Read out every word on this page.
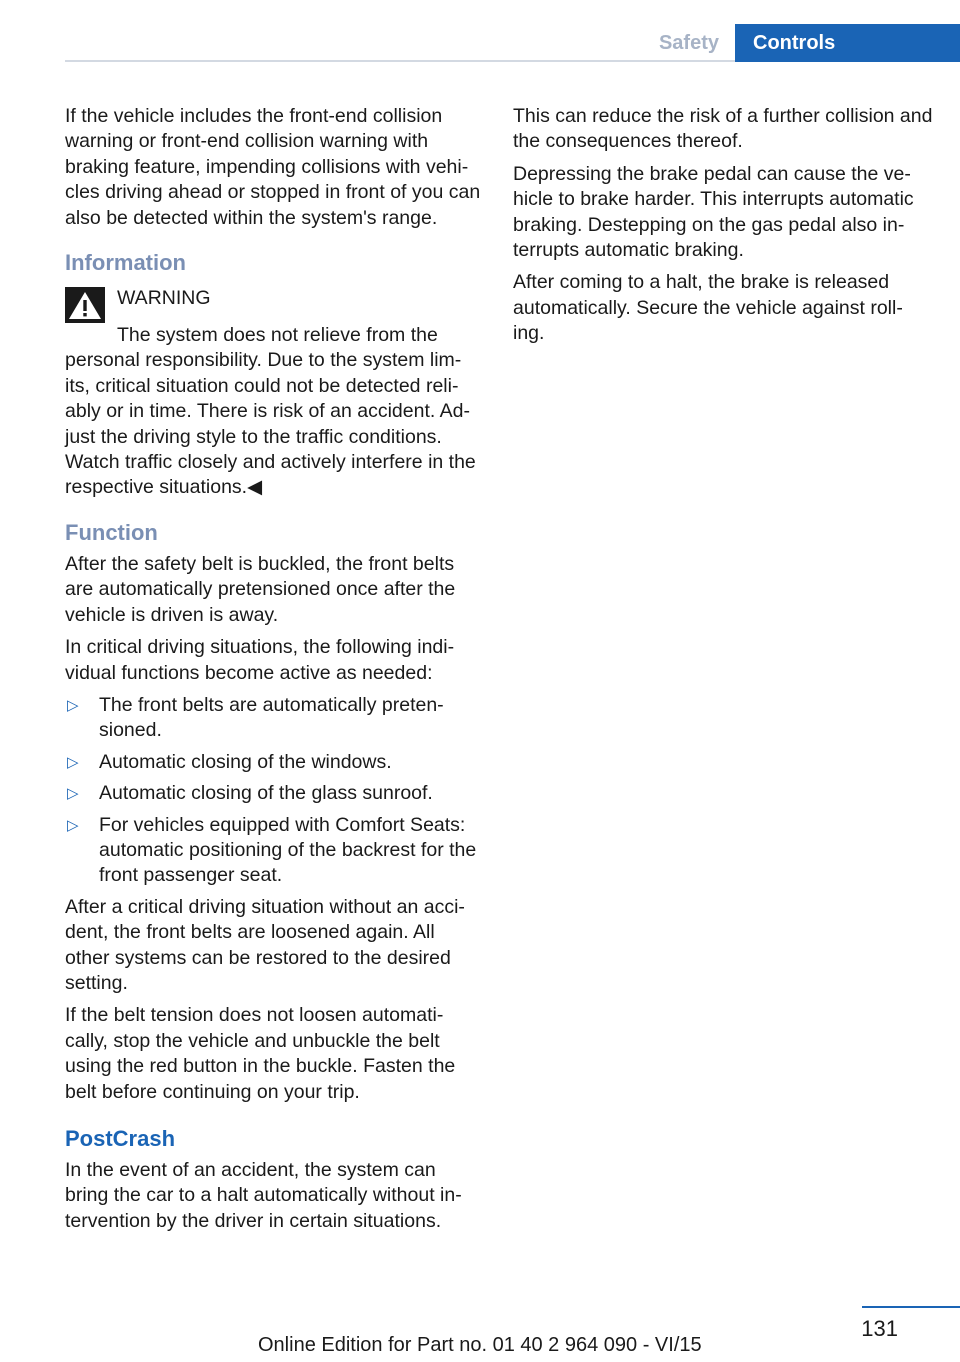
Safety	Controls

If the vehicle includes the front-end collision warning or front-end collision warning with braking feature, impending collisions with vehi‐cles driving ahead or stopped in front of you can also be detected within the system's range.

Information
WARNING
The system does not relieve from the

personal responsibility. Due to the system lim‐its, critical situation could not be detected reli‐ably or in time. There is risk of an accident. Ad‐just the driving style to the traffic conditions. Watch traffic closely and actively interfere in the respective situations.◀

Function

After the safety belt is buckled, the front belts are automatically pretensioned once after the vehicle is driven is away.

In critical driving situations, the following indi‐vidual functions become active as needed:

▷ The front belts are automatically preten‐sioned.
▷ Automatic closing of the windows.
▷ Automatic closing of the glass sunroof.
▷ For vehicles equipped with Comfort Seats: automatic positioning of the backrest for the front passenger seat.

After a critical driving situation without an acci‐dent, the front belts are loosened again. All other systems can be restored to the desired setting.

If the belt tension does not loosen automati‐cally, stop the vehicle and unbuckle the belt using the red button in the buckle. Fasten the belt before continuing on your trip.

PostCrash

In the event of an accident, the system can bring the car to a halt automatically without in‐tervention by the driver in certain situations.

This can reduce the risk of a further collision and the consequences thereof.

Depressing the brake pedal can cause the ve‐hicle to brake harder. This interrupts automatic braking. Destepping on the gas pedal also in‐terrupts automatic braking.

After coming to a halt, the brake is released automatically. Secure the vehicle against roll‐ing.

131
Online Edition for Part no. 01 40 2 964 090 - VI/15
